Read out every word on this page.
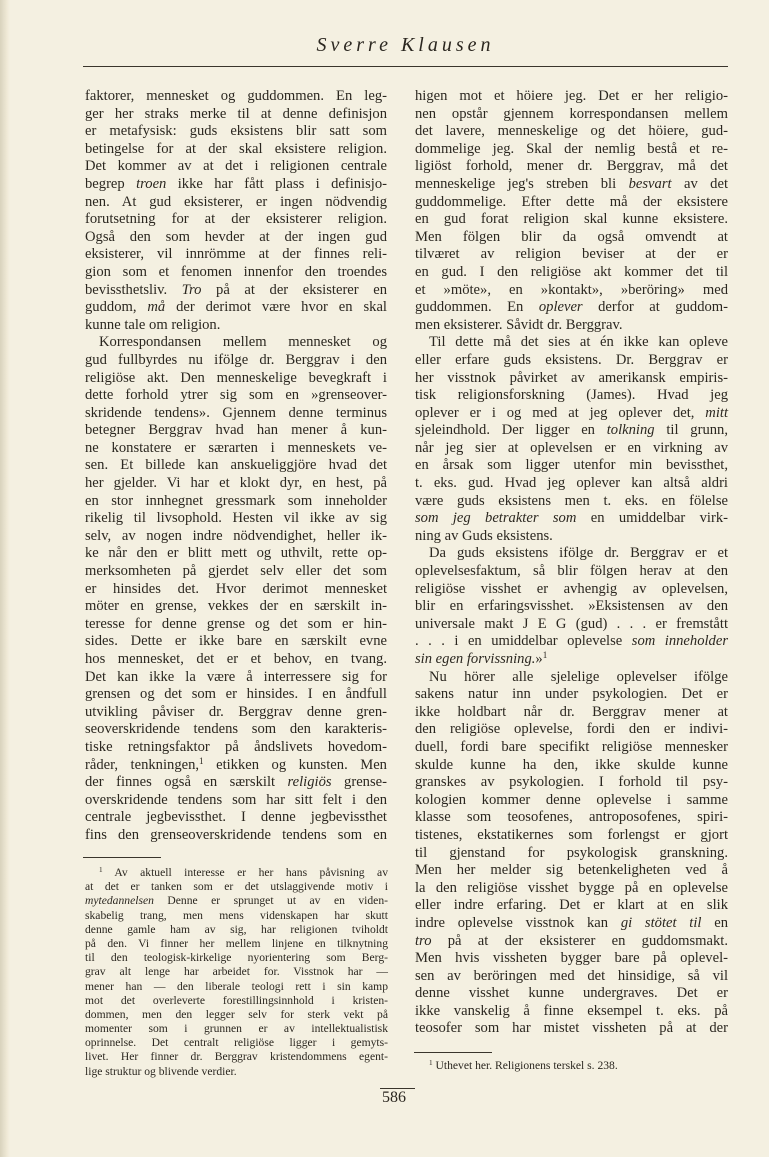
Sverre Klausen
faktorer, mennesket og guddommen. En leg-
ger her straks merke til at denne definisjon
er metafysisk: guds eksistens blir satt som
betingelse for at der skal eksistere religion.
Det kommer av at det i religionen centrale
begrep troen ikke har fått plass i definisjo-
nen. At gud eksisterer, er ingen nödvendig
forutsetning for at der eksisterer religion.
Også den som hevder at der ingen gud
eksisterer, vil innrömme at der finnes reli-
gion som et fenomen innenfor den troendes
bevissthetsliv. Tro på at der eksisterer en
guddom, må der derimot være hvor en skal
kunne tale om religion.
Korrespondansen mellem mennesket og
gud fullbyrdes nu ifölge dr. Berggrav i den
religiöse akt. Den menneskelige bevegkraft i
dette forhold ytrer sig som en »grenseover-
skridende tendens». Gjennem denne terminus
betegner Berggrav hvad han mener å kun-
ne konstatere er særarten i menneskets ve-
sen. Et billede kan anskueliggjöre hvad det
her gjelder. Vi har et klokt dyr, en hest, på
en stor innhegnet gressmark som inneholder
rikelig til livsophold. Hesten vil ikke av sig
selv, av nogen indre nödvendighet, heller ik-
ke når den er blitt mett og uthvilt, rette op-
merksomheten på gjerdet selv eller det som
er hinsides det. Hvor derimot mennesket
möter en grense, vekkes der en særskilt in-
teresse for denne grense og det som er hin-
sides. Dette er ikke bare en særskilt evne
hos mennesket, det er et behov, en tvang.
Det kan ikke la være å interressere sig for
grensen og det som er hinsides. I en åndfull
utvikling påviser dr. Berggrav denne gren-
seoverskridende tendens som den karakteris-
tiske retningsfaktor på åndslivets hovedom-
råder, tenkningen,$^1$ etikken og kunsten. Men
der finnes også en særskilt religiös grense-
overskridende tendens som har sitt felt i den
centrale jegbevissthet. I denne jegbevissthet
fins den grenseoverskridende tendens som en
higen mot et höiere jeg. Det er her religio-
nen opstår gjennem korrespondansen mellem
det lavere, menneskelige og det höiere, gud-
dommelige jeg. Skal der nemlig bestå et re-
ligiöst forhold, mener dr. Berggrav, må det
menneskelige jeg's streben bli besvart av det
guddommelige. Efter dette må der eksistere
en gud forat religion skal kunne eksistere.
Men fölgen blir da også omvendt at
tilværet av religion beviser at der er
en gud. I den religiöse akt kommer det til
et »möte», en »kontakt», »beröring» med
guddommen. En oplever derfor at guddom-
men eksisterer. Såvidt dr. Berggrav.
Til dette må det sies at én ikke kan opleve
eller erfare guds eksistens. Dr. Berggrav er
her visstnok påvirket av amerikansk empiris-
tisk religionsforskning (James). Hvad jeg
oplever er i og med at jeg oplever det, mitt
sjeleindhold. Der ligger en tolkning til grunn,
når jeg sier at oplevelsen er en virkning av
en årsak som ligger utenfor min bevissthet,
t. eks. gud. Hvad jeg oplever kan altså aldri
være guds eksistens men t. eks. en fölelse
som jeg betrakter som en umiddelbar virk-
ning av Guds eksistens.
Da guds eksistens ifölge dr. Berggrav er et
oplevelsesfaktum, så blir fölgen herav at den
religiöse visshet er avhengig av oplevelsen,
blir en erfaringsvisshet. »Eksistensen av den
universale makt J E G (gud) . . . er fremstått
. . . i en umiddelbar oplevelse som inneholder
sin egen forvissning.»$^1$
Nu hörer alle sjelelige oplevelser ifölge
sakens natur inn under psykologien. Det er
ikke holdbart når dr. Berggrav mener at
den religiöse oplevelse, fordi den er indivi-
duell, fordi bare specifikt religiöse mennesker
skulde kunne ha den, ikke skulde kunne
granskes av psykologien. I forhold til psy-
kologien kommer denne oplevelse i samme
klasse som teosofenes, antroposofenes, spiri-
tistenes, ekstatikernes som forlengst er gjort
til gjenstand for psykologisk granskning.
Men her melder sig betenkeligheten ved å
la den religiöse visshet bygge på en oplevelse
eller indre erfaring. Det er klart at en slik
indre oplevelse visstnok kan gi stötet til en
tro på at der eksisterer en guddomsmakt.
Men hvis vissheten bygger bare på oplevel-
sen av beröringen med det hinsidige, så vil
denne visshet kunne undergraves. Det er
ikke vanskelig å finne eksempel t. eks. på
teosofer som har mistet vissheten på at der
$^1$ Av aktuell interesse er her hans påvisning av
at det er tanken som er det utslaggivende motiv i
mytedannelsen Denne er sprunget ut av en viden-
skabelig trang, men mens videnskapen har skutt
denne gamle ham av sig, har religionen tviholdt
på den. Vi finner her mellem linjene en tilknytning
til den teologisk-kirkelige nyorientering som Berg-
grav alt lenge har arbeidet for. Visstnok har —
mener han — den liberale teologi rett i sin kamp
mot det overleverte forestillingsinnhold i kristen-
dommen, men den legger selv for sterk vekt på
momenter som i grunnen er av intellektualistisk
oprinnelse. Det centralt religiöse ligger i gemyts-
livet. Her finner dr. Berggrav kristendommens egent-
lige struktur og blivende verdier.
$^1$ Uthevet her. Religionens terskel s. 238.
586
